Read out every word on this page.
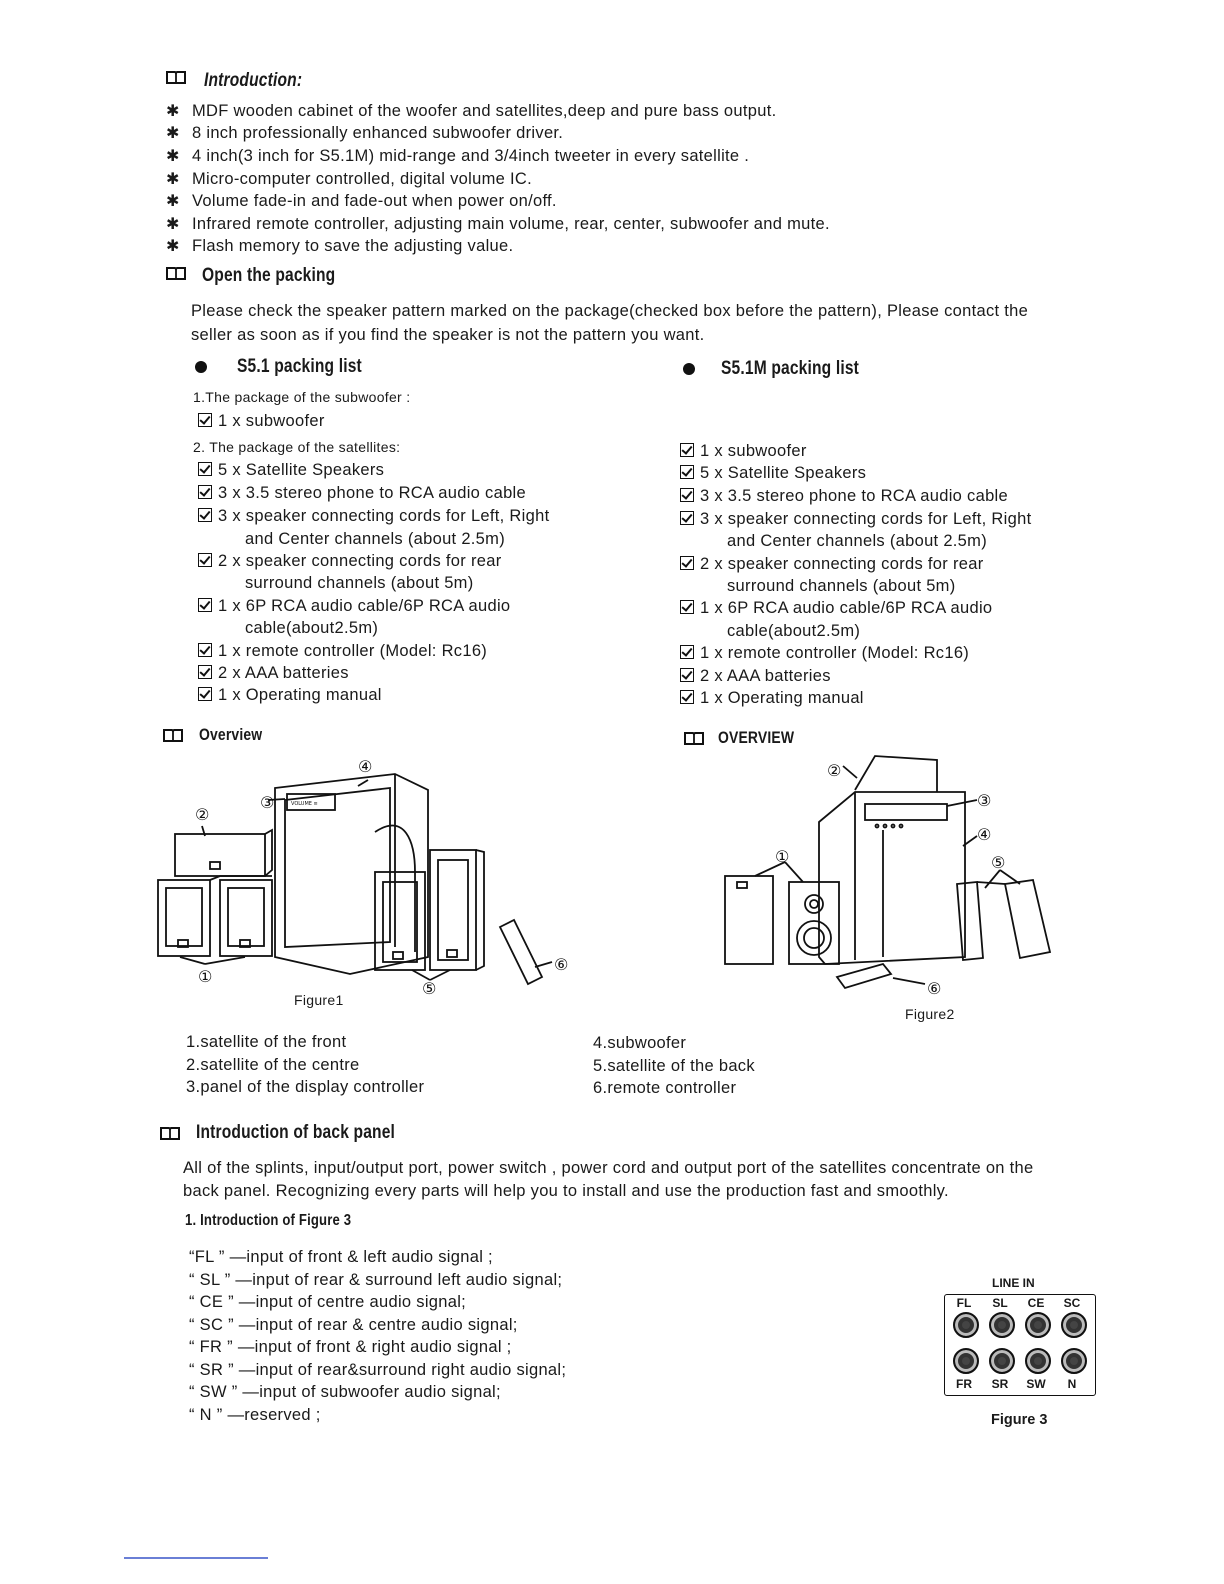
Introduction:
✱ MDF wooden cabinet of the woofer and satellites,deep and pure bass output.
✱ 8 inch professionally enhanced subwoofer driver.
✱ 4 inch(3 inch for S5.1M) mid-range and 3/4inch tweeter in every satellite .
✱ Micro-computer controlled, digital volume IC.
✱ Volume fade-in and fade-out when power on/off.
✱ Infrared remote controller, adjusting main volume, rear, center, subwoofer and mute.
✱ Flash memory to save the adjusting value.
Open the packing
Please check the speaker pattern marked on the package(checked box before the pattern), Please contact the
seller as soon as if you find the speaker is not the pattern you want.
S5.1 packing list
1.The package of the subwoofer :
1 x subwoofer
2. The package of the satellites:
5 x Satellite Speakers
3 x 3.5 stereo phone to RCA audio cable
3 x speaker connecting cords for Left, Right
2 x speaker connecting cords for rear
1 x 6P RCA audio cable/6P RCA audio
1 x remote controller (Model: Rc16)
2 x AAA batteries
1 x Operating manual
and Center channels (about 2.5m)
surround channels (about 5m)
cable(about2.5m)
S5.1M packing list
1 x subwoofer
5 x Satellite Speakers
3 x 3.5 stereo phone to RCA audio cable
3 x speaker connecting cords for Left, Right
2 x speaker connecting cords for rear
1 x 6P RCA audio cable/6P RCA audio
1 x remote controller (Model: Rc16)
2 x AAA batteries
1 x Operating manual
and Center channels (about 2.5m)
surround channels (about 5m)
cable(about2.5m)
Overview	OVERVIEW
②
③
④
①
⑤
⑥
VOLUME ≡
Figure1
②
③
④
⑤
①
⑥
Figure2
1.satellite of the front
2.satellite of the centre
3.panel of the display controller
4.subwoofer
5.satellite of the back
6.remote controller
Introduction of back panel
All of the splints, input/output port, power switch , power cord and output port of the satellites concentrate on the
back panel. Recognizing every parts will help you to install and use the production fast and smoothly.
1. Introduction of Figure 3
“FL ” —input of front & left audio signal ;
“ SL ” —input of rear & surround left audio signal;
“ CE ” —input of centre audio signal;
“ SC ” —input of rear & centre audio signal;
“ FR ” —input of front & right audio signal ;
“ SR ” —input of rear&surround right audio signal;
“ SW ” —input of subwoofer audio signal;
“ N ” —reserved ;
LINE IN
FL	SL	CE	SC
FR	SR	SW	N
Figure 3
